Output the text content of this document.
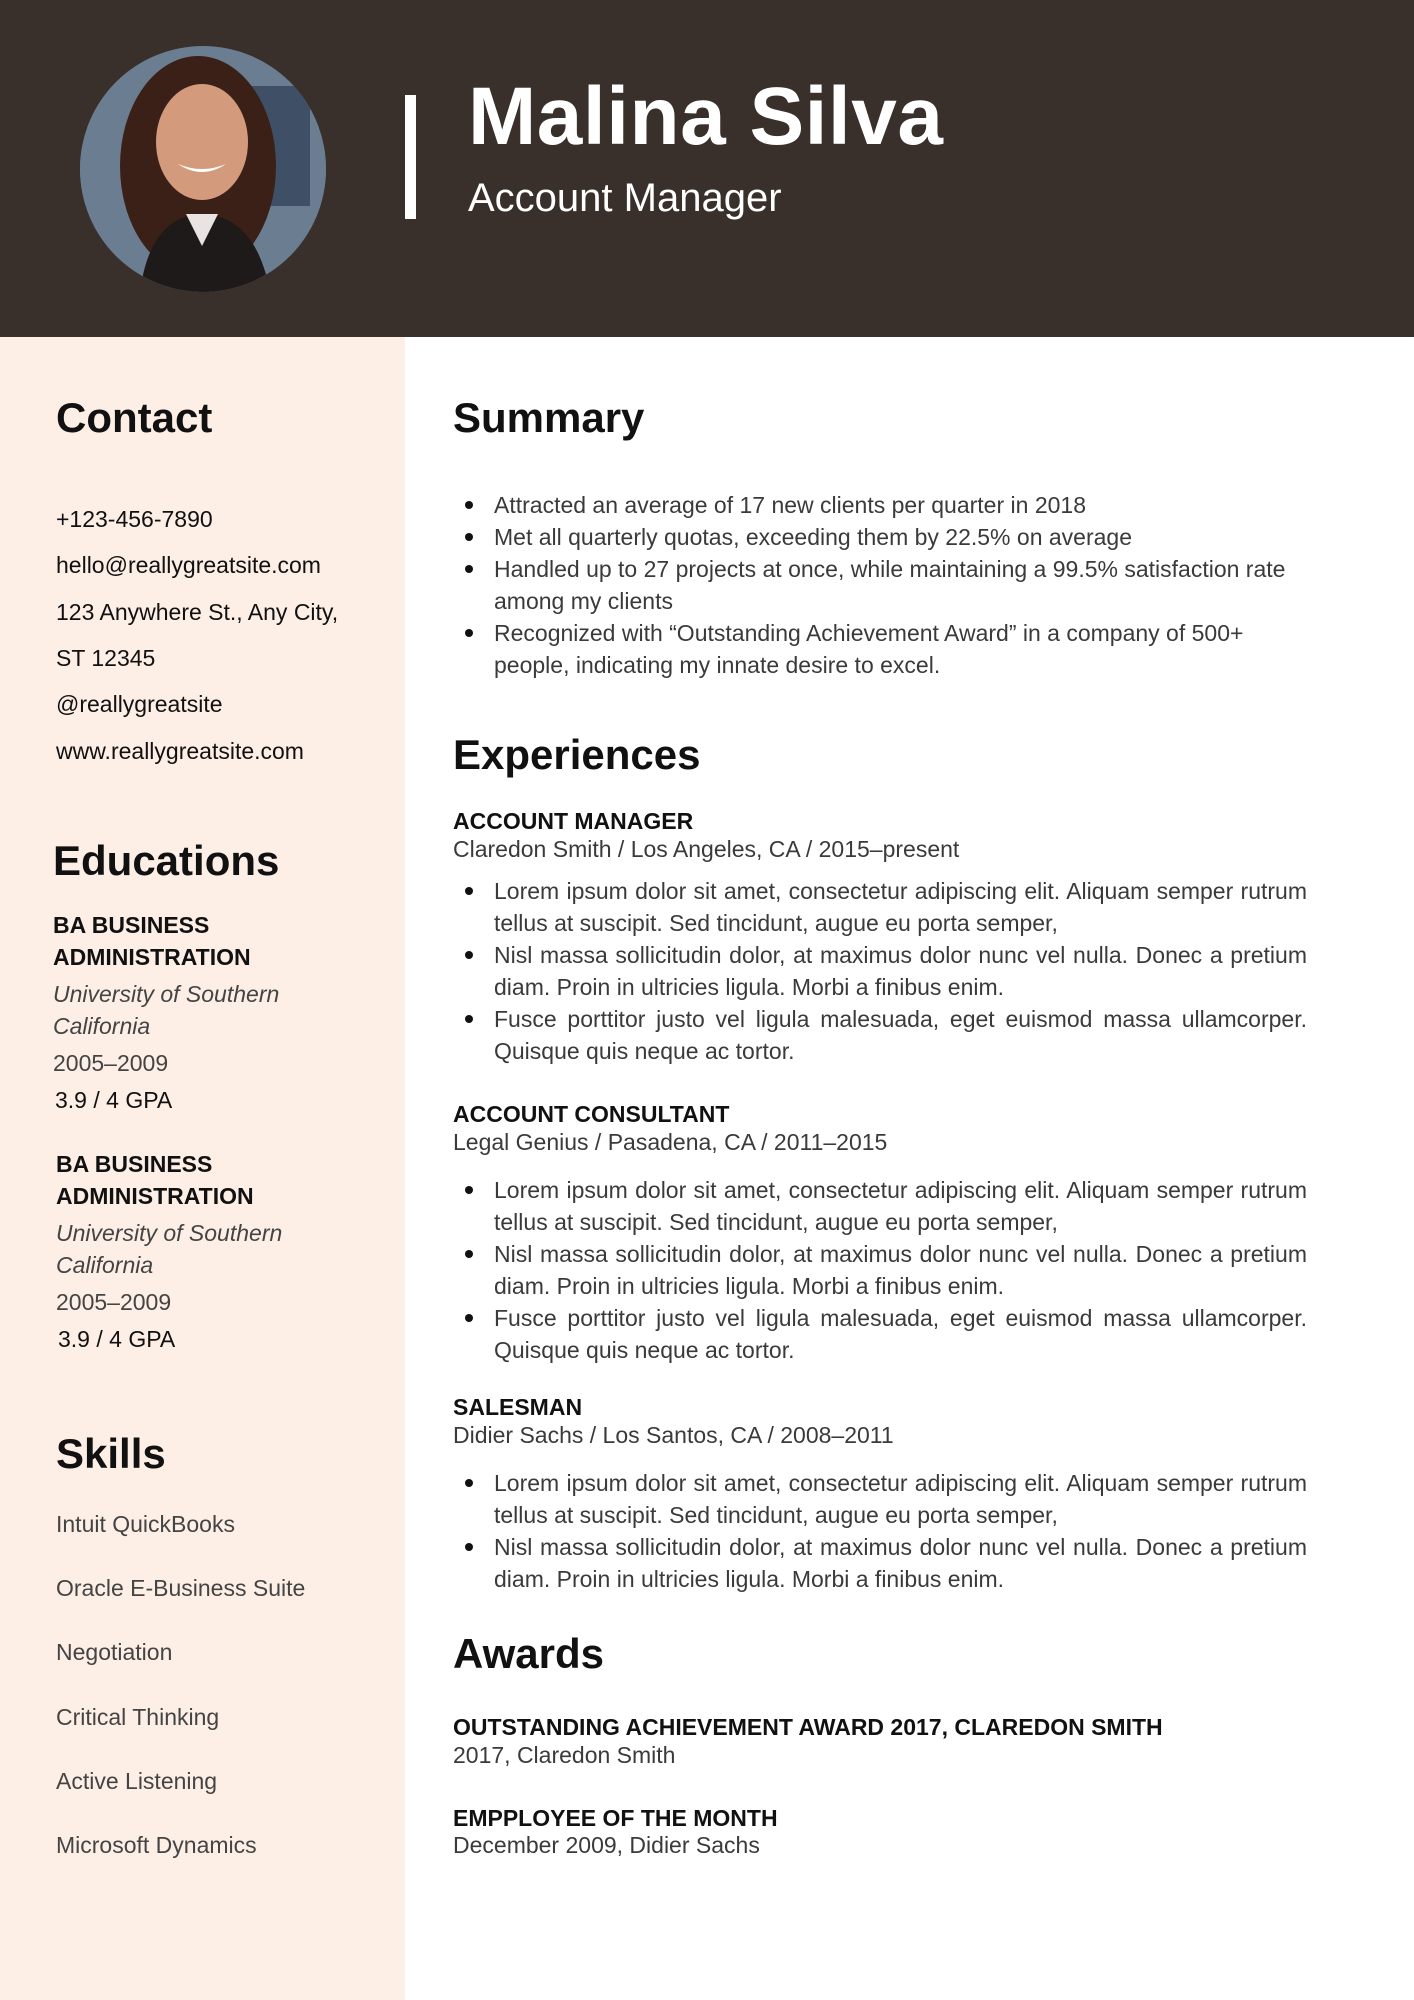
Malina Silva
Account Manager
Contact
+123-456-7890
hello@reallygreatsite.com
123 Anywhere St., Any City,
ST 12345
@reallygreatsite
www.reallygreatsite.com
Educations
BA BUSINESS ADMINISTRATION
University of Southern California
2005–2009
3.9 / 4 GPA
BA BUSINESS ADMINISTRATION
University of Southern California
2005–2009
3.9 / 4 GPA
Skills
Intuit QuickBooks
Oracle E-Business Suite
Negotiation
Critical Thinking
Active Listening
Microsoft Dynamics
Summary
Attracted an average of 17 new clients per quarter in 2018
Met all quarterly quotas, exceeding them by 22.5% on average
Handled up to 27 projects at once, while maintaining a 99.5% satisfaction rate among my clients
Recognized with “Outstanding Achievement Award” in a company of 500+ people, indicating my innate desire to excel.
Experiences
ACCOUNT MANAGER
Claredon Smith / Los Angeles, CA / 2015–present
Lorem ipsum dolor sit amet, consectetur adipiscing elit. Aliquam semper rutrum tellus at suscipit. Sed tincidunt, augue eu porta semper,
Nisl massa sollicitudin dolor, at maximus dolor nunc vel nulla. Donec a pretium diam. Proin in ultricies ligula. Morbi a finibus enim.
Fusce porttitor justo vel ligula malesuada, eget euismod massa ullamcorper. Quisque quis neque ac tortor.
ACCOUNT CONSULTANT
Legal Genius / Pasadena, CA / 2011–2015
Lorem ipsum dolor sit amet, consectetur adipiscing elit. Aliquam semper rutrum tellus at suscipit. Sed tincidunt, augue eu porta semper,
Nisl massa sollicitudin dolor, at maximus dolor nunc vel nulla. Donec a pretium diam. Proin in ultricies ligula. Morbi a finibus enim.
Fusce porttitor justo vel ligula malesuada, eget euismod massa ullamcorper. Quisque quis neque ac tortor.
SALESMAN
Didier Sachs / Los Santos, CA / 2008–2011
Lorem ipsum dolor sit amet, consectetur adipiscing elit. Aliquam semper rutrum tellus at suscipit. Sed tincidunt, augue eu porta semper,
Nisl massa sollicitudin dolor, at maximus dolor nunc vel nulla. Donec a pretium diam. Proin in ultricies ligula. Morbi a finibus enim.
Awards
OUTSTANDING ACHIEVEMENT AWARD 2017, CLAREDON SMITH
2017, Claredon Smith
EMPPLOYEE OF THE MONTH
December 2009, Didier Sachs
